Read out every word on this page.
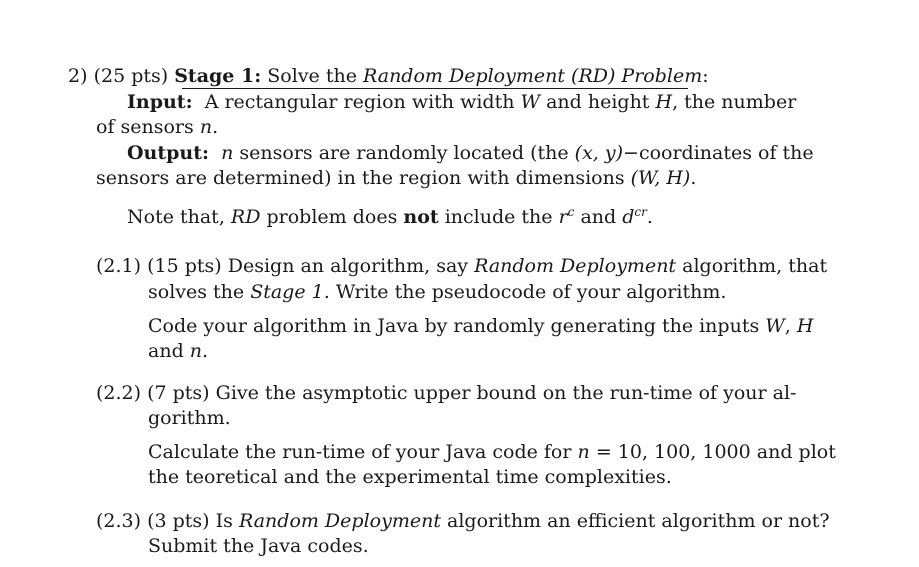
2) (25 pts) Stage 1: Solve the Random Deployment (RD) Problem:
Input: A rectangular region with width W and height H, the number
of sensors n.
Output: n sensors are randomly located (the (x, y)−coordinates of the
sensors are determined) in the region with dimensions (W, H).
Note that, RD problem does not include the $r^c$ and $d^{cr}$.
(2.1) (15 pts) Design an algorithm, say Random Deployment algorithm, that
solves the Stage 1. Write the pseudocode of your algorithm.
Code your algorithm in Java by randomly generating the inputs W, H
and n.
(2.2) (7 pts) Give the asymptotic upper bound on the run-time of your al-
gorithm.
Calculate the run-time of your Java code for n = 10, 100, 1000 and plot
the teoretical and the experimental time complexities.
(2.3) (3 pts) Is Random Deployment algorithm an efficient algorithm or not?
Submit the Java codes.
